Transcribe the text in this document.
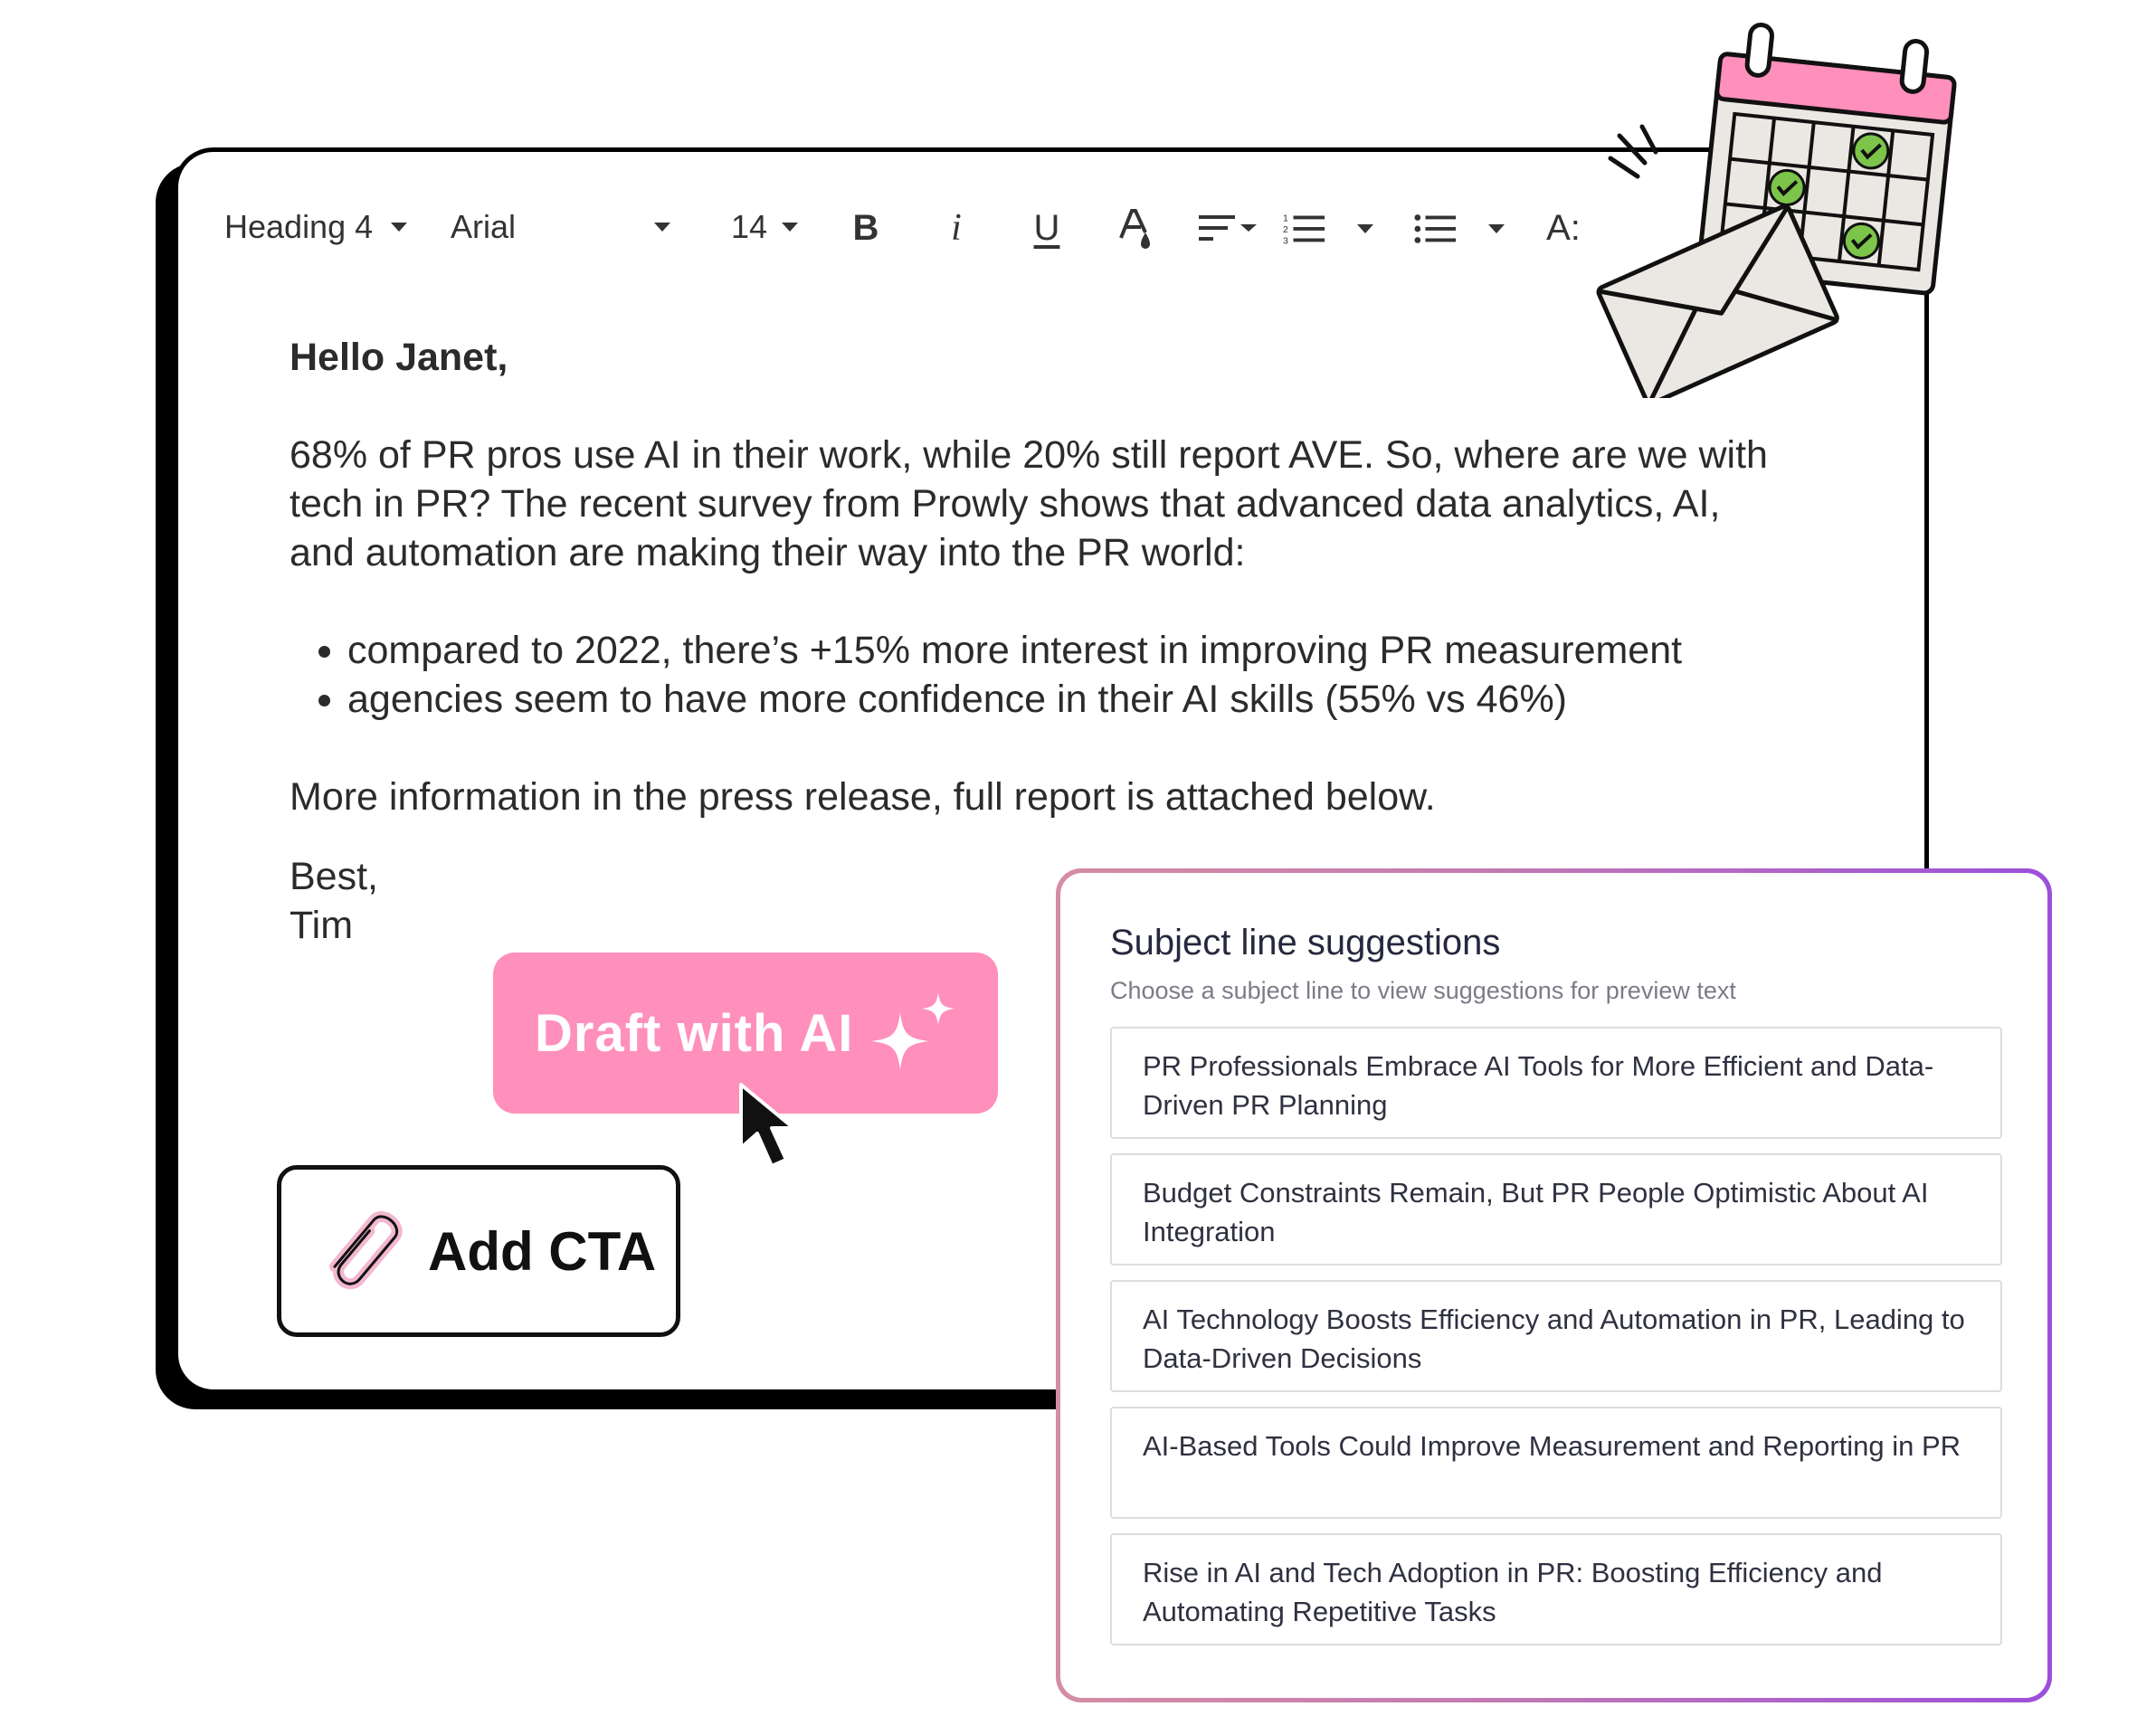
Heading 4 Arial	14 B i U	1
2
3	A:
Hello Janet,
68% of PR pros use AI in their work, while 20% still report AVE. So, where are we with tech in PR? The recent survey from Prowly shows that advanced data analytics, AI, and automation are making their way into the PR world:
• compared to 2022, there’s +15% more interest in improving PR measurement
• agencies seem to have more confidence in their AI skills (55% vs 46%)
More information in the press release, full report is attached below.
Best,
Tim
Draft with AI
Add CTA
Subject line suggestions
Choose a subject line to view suggestions for preview text
PR Professionals Embrace AI Tools for More Efficient and Data-Driven PR Planning
Budget Constraints Remain, But PR People Optimistic About AI Integration
AI Technology Boosts Efficiency and Automation in PR, Leading to Data-Driven Decisions
AI-Based Tools Could Improve Measurement and Reporting in PR
Rise in AI and Tech Adoption in PR: Boosting Efficiency and Automating Repetitive Tasks
